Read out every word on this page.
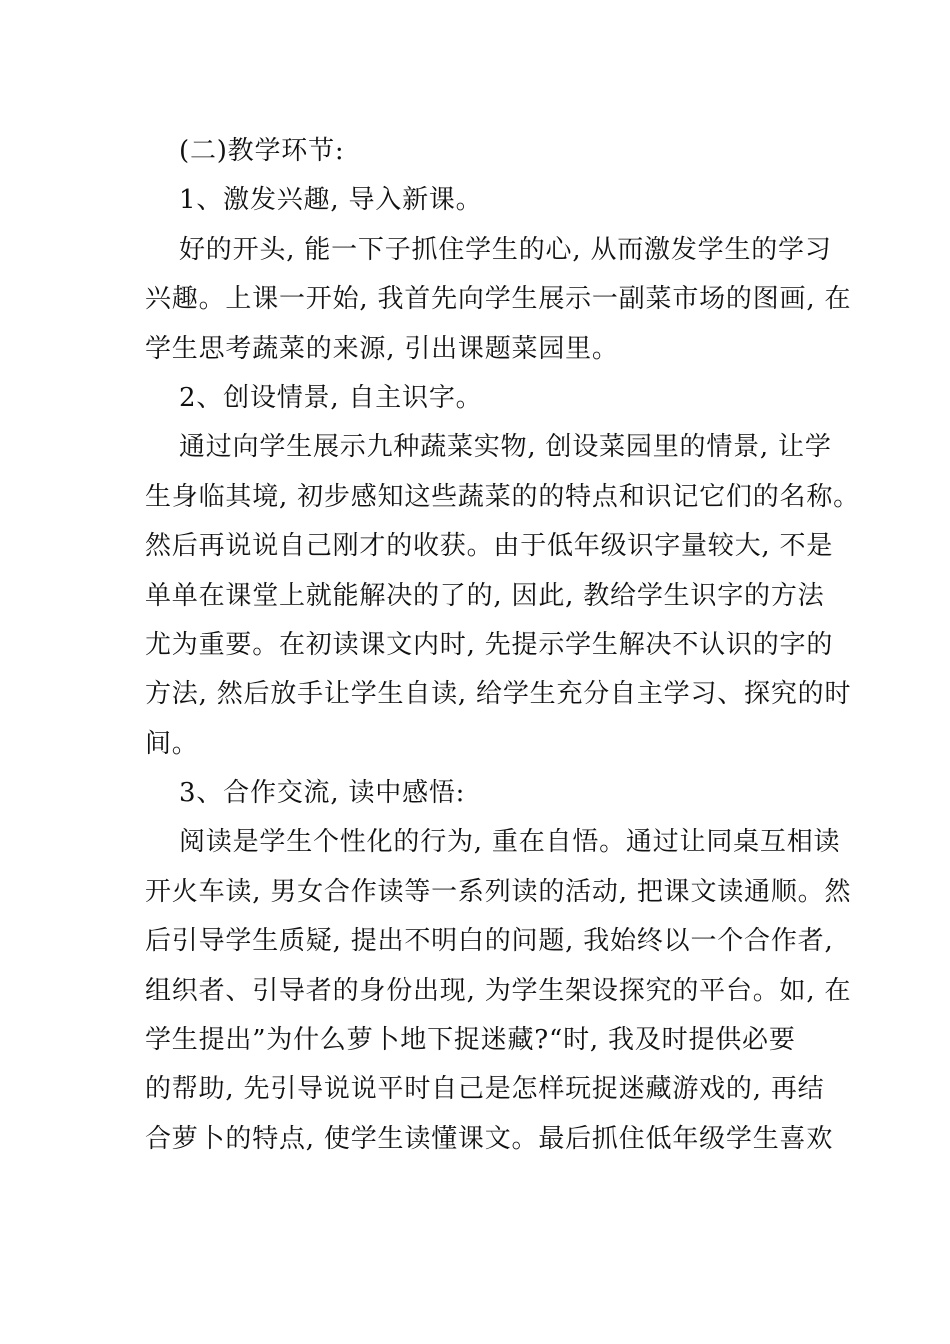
(二)教学环节:
1、激发兴趣, 导入新课。
好的开头, 能一下子抓住学生的心, 从而激发学生的学习
兴趣。上课一开始, 我首先向学生展示一副菜市场的图画, 在
学生思考蔬菜的来源, 引出课题菜园里。
2、创设情景, 自主识字。
通过向学生展示九种蔬菜实物, 创设菜园里的情景, 让学
生身临其境, 初步感知这些蔬菜的的特点和识记它们的名称。
然后再说说自己刚才的收获。由于低年级识字量较大, 不是
单单在课堂上就能解决的了的, 因此, 教给学生识字的方法
尤为重要。在初读课文内时, 先提示学生解决不认识的字的
方法, 然后放手让学生自读, 给学生充分自主学习、探究的时
间。
3、合作交流, 读中感悟:
阅读是学生个性化的行为, 重在自悟。通过让同桌互相读
开火车读, 男女合作读等一系列读的活动, 把课文读通顺。然
后引导学生质疑, 提出不明白的问题, 我始终以一个合作者,
组织者、引导者的身份出现, 为学生架设探究的平台。如, 在
学生提出”为什么萝卜地下捉迷藏?“时, 我及时提供必要
的帮助, 先引导说说平时自己是怎样玩捉迷藏游戏的, 再结
合萝卜的特点, 使学生读懂课文。最后抓住低年级学生喜欢
